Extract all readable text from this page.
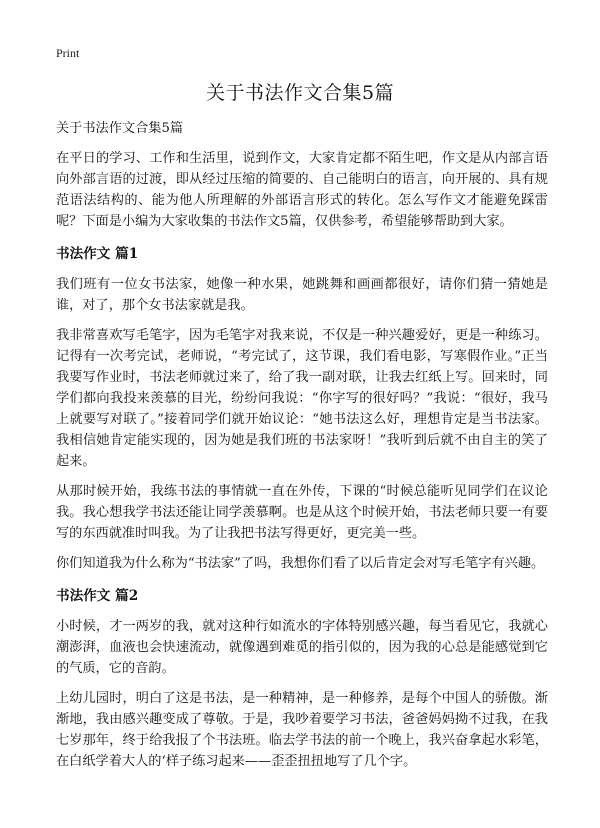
Print
关于书法作文合集5篇

关于书法作文合集5篇

在平日的学习、工作和生活里，说到作文，大家肯定都不陌生吧，作文是从内部言语向外部言语的过渡，即从经过压缩的简要的、自己能明白的语言，向开展的、具有规范语法结构的、能为他人所理解的外部语言形式的转化。怎么写作文才能避免踩雷呢？下面是小编为大家收集的书法作文5篇，仅供参考，希望能够帮助到大家。

书法作文 篇1

我们班有一位女书法家，她像一种水果，她跳舞和画画都很好，请你们猜一猜她是谁，对了，那个女书法家就是我。

我非常喜欢写毛笔字，因为毛笔字对我来说，不仅是一种兴趣爱好，更是一种练习。记得有一次考完试，老师说，“考完试了，这节课，我们看电影，写寒假作业。”正当我要写作业时，书法老师就过来了，给了我一副对联，让我去红纸上写。回来时，同学们都向我投来羡慕的目光，纷纷问我说：“你字写的很好吗？”我说：“很好，我马上就要写对联了。”接着同学们就开始议论：“她书法这么好，理想肯定是当书法家。我相信她肯定能实现的，因为她是我们班的书法家呀！”我听到后就不由自主的笑了起来。

从那时候开始，我练书法的事情就一直在外传，下课的“时候总能听见同学们在议论我。我心想我学书法还能让同学羡慕啊。也是从这个时候开始，书法老师只要一有要写的东西就准时叫我。为了让我把书法写得更好，更完美一些。

你们知道我为什么称为“书法家”了吗，我想你们看了以后肯定会对写毛笔字有兴趣。

书法作文 篇2

小时候，才一两岁的我，就对这种行如流水的字体特别感兴趣，每当看见它，我就心潮澎湃，血液也会快速流动，就像遇到难觅的指引似的，因为我的心总是能感觉到它的气质，它的音韵。

上幼儿园时，明白了这是书法，是一种精神，是一种修养，是每个中国人的骄傲。渐渐地，我由感兴趣变成了尊敬。于是，我吵着要学习书法，爸爸妈妈拗不过我，在我七岁那年，终于给我报了个书法班。临去学书法的前一个晚上，我兴奋拿起水彩笔，在白纸学着大人的‘样子练习起来——歪歪扭扭地写了几个字。
